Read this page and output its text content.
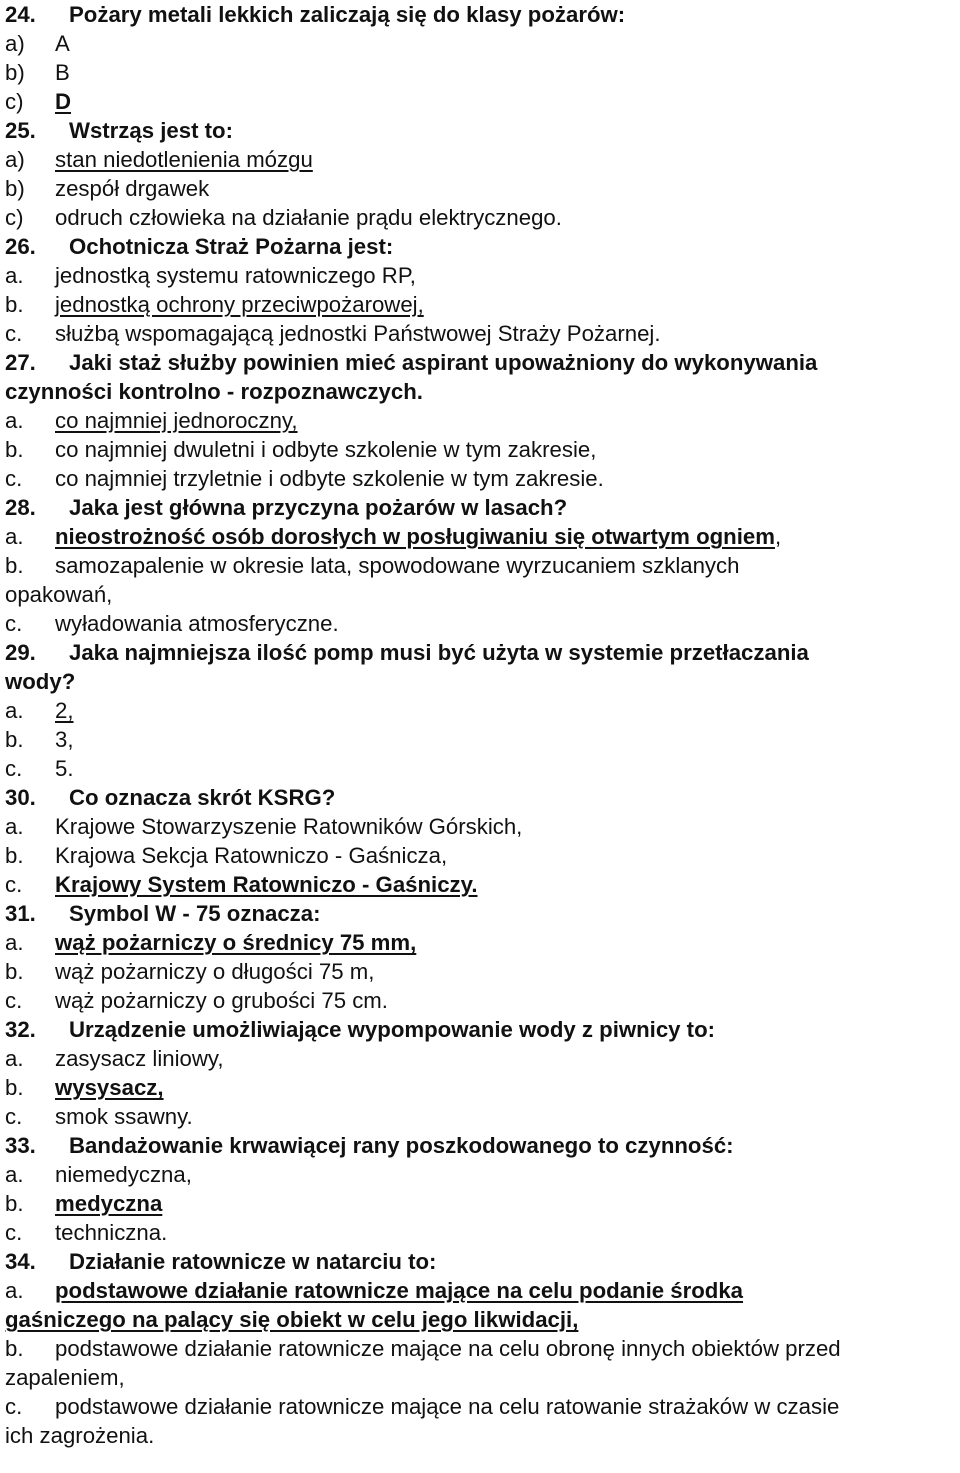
24. Pożary metali lekkich zaliczają się do klasy pożarów:
a) A
b) B
c) D
25. Wstrząs jest to:
a) stan niedotlenienia mózgu
b) zespół drgawek
c) odruch człowieka na działanie prądu elektrycznego.
26. Ochotnicza Straż Pożarna jest:
a. jednostką systemu ratowniczego RP,
b. jednostką ochrony przeciwpożarowej,
c. służbą wspomagającą jednostki Państwowej Straży Pożarnej.
27. Jaki staż służby powinien mieć aspirant upoważniony do wykonywania
czynności kontrolno - rozpoznawczych.
a. co najmniej jednoroczny,
b. co najmniej dwuletni i odbyte szkolenie w tym zakresie,
c. co najmniej trzyletnie i odbyte szkolenie w tym zakresie.
28. Jaka jest główna przyczyna pożarów w lasach?
a. nieostrożność osób dorosłych w posługiwaniu się otwartym ogniem,
b. samozapalenie w okresie lata, spowodowane wyrzucaniem szklanych
opakowań,
c. wyładowania atmosferyczne.
29. Jaka najmniejsza ilość pomp musi być użyta w systemie przetłaczania
wody?
a. 2,
b. 3,
c. 5.
30. Co oznacza skrót KSRG?
a. Krajowe Stowarzyszenie Ratowników Górskich,
b. Krajowa Sekcja Ratowniczo - Gaśnicza,
c. Krajowy System Ratowniczo - Gaśniczy.
31. Symbol W - 75 oznacza:
a. wąż pożarniczy o średnicy 75 mm,
b. wąż pożarniczy o długości 75 m,
c. wąż pożarniczy o grubości 75 cm.
32. Urządzenie umożliwiające wypompowanie wody z piwnicy to:
a. zasysacz liniowy,
b. wysysacz,
c. smok ssawny.
33. Bandażowanie krwawiącej rany poszkodowanego to czynność:
a. niemedyczna,
b. medyczna
c. techniczna.
34. Działanie ratownicze w natarciu to:
a. podstawowe działanie ratownicze mające na celu podanie środka
gaśniczego na palący się obiekt w celu jego likwidacji,
b. podstawowe działanie ratownicze mające na celu obronę innych obiektów przed
zapaleniem,
c. podstawowe działanie ratownicze mające na celu ratowanie strażaków w czasie
ich zagrożenia.
